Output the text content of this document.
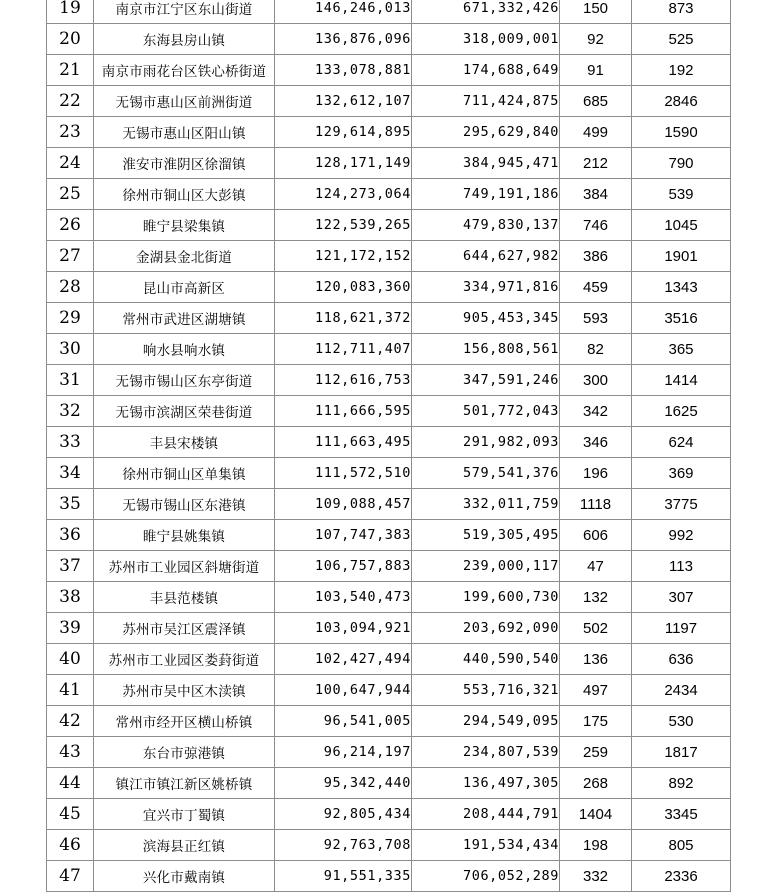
19	南京市江宁区东山街道	146,246,013	671,332,426	150	873
20	东海县房山镇	136,876,096	318,009,001	92	525
21	南京市雨花台区铁心桥街道	133,078,881	174,688,649	91	192
22	无锡市惠山区前洲街道	132,612,107	711,424,875	685	2846
23	无锡市惠山区阳山镇	129,614,895	295,629,840	499	1590
24	淮安市淮阴区徐溜镇	128,171,149	384,945,471	212	790
25	徐州市铜山区大彭镇	124,273,064	749,191,186	384	539
26	睢宁县梁集镇	122,539,265	479,830,137	746	1045
27	金湖县金北街道	121,172,152	644,627,982	386	1901
28	昆山市高新区	120,083,360	334,971,816	459	1343
29	常州市武进区湖塘镇	118,621,372	905,453,345	593	3516
30	响水县响水镇	112,711,407	156,808,561	82	365
31	无锡市锡山区东亭街道	112,616,753	347,591,246	300	1414
32	无锡市滨湖区荣巷街道	111,666,595	501,772,043	342	1625
33	丰县宋楼镇	111,663,495	291,982,093	346	624
34	徐州市铜山区单集镇	111,572,510	579,541,376	196	369
35	无锡市锡山区东港镇	109,088,457	332,011,759	1118	3775
36	睢宁县姚集镇	107,747,383	519,305,495	606	992
37	苏州市工业园区斜塘街道	106,757,883	239,000,117	47	113
38	丰县范楼镇	103,540,473	199,600,730	132	307
39	苏州市吴江区震泽镇	103,094,921	203,692,090	502	1197
40	苏州市工业园区娄葑街道	102,427,494	440,590,540	136	636
41	苏州市吴中区木渎镇	100,647,944	553,716,321	497	2434
42	常州市经开区横山桥镇	96,541,005	294,549,095	175	530
43	东台市弶港镇	96,214,197	234,807,539	259	1817
44	镇江市镇江新区姚桥镇	95,342,440	136,497,305	268	892
45	宜兴市丁蜀镇	92,805,434	208,444,791	1404	3345
46	滨海县正红镇	92,763,708	191,534,434	198	805
47	兴化市戴南镇	91,551,335	706,052,289	332	2336
